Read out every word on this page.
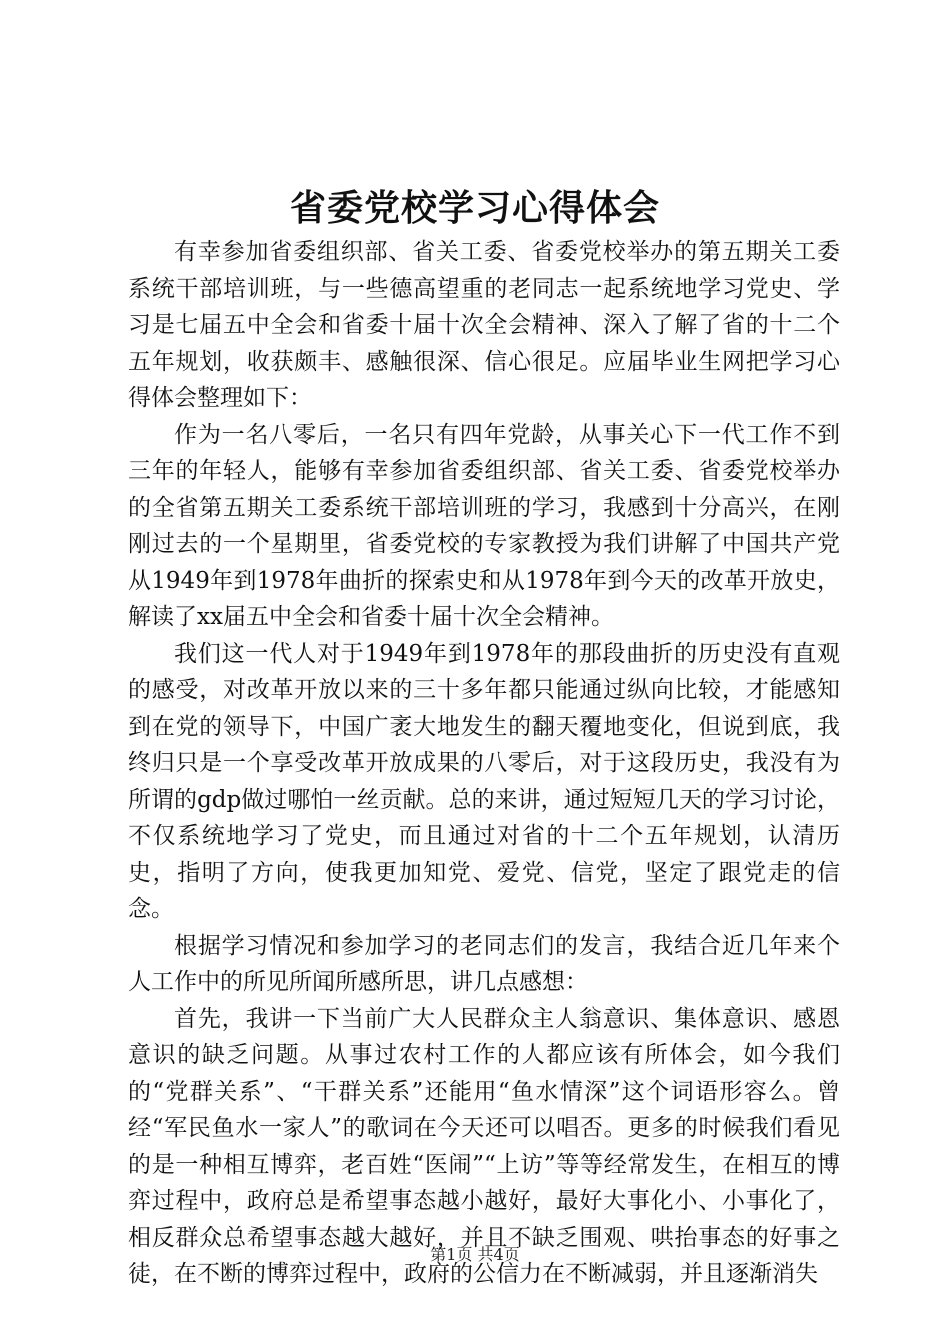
省委党校学习心得体会

有幸参加省委组织部、省关工委、省委党校举办的第五期关工委系统干部培训班，与一些德高望重的老同志一起系统地学习党史、学习是七届五中全会和省委十届十次全会精神、深入了解了省的十二个五年规划，收获颇丰、感触很深、信心很足。应届毕业生网把学习心得体会整理如下：

作为一名八零后，一名只有四年党龄，从事关心下一代工作不到三年的年轻人，能够有幸参加省委组织部、省关工委、省委党校举办的全省第五期关工委系统干部培训班的学习，我感到十分高兴，在刚刚过去的一个星期里，省委党校的专家教授为我们讲解了中国共产党从1949年到1978年曲折的探索史和从1978年到今天的改革开放史，解读了xx届五中全会和省委十届十次全会精神。

我们这一代人对于1949年到1978年的那段曲折的历史没有直观的感受，对改革开放以来的三十多年都只能通过纵向比较，才能感知到在党的领导下，中国广袤大地发生的翻天覆地变化，但说到底，我终归只是一个享受改革开放成果的八零后，对于这段历史，我没有为所谓的gdp做过哪怕一丝贡献。总的来讲，通过短短几天的学习讨论，不仅系统地学习了党史，而且通过对省的十二个五年规划，认清历史，指明了方向，使我更加知党、爱党、信党，坚定了跟党走的信念。

根据学习情况和参加学习的老同志们的发言，我结合近几年来个人工作中的所见所闻所感所思，讲几点感想：

首先，我讲一下当前广大人民群众主人翁意识、集体意识、感恩意识的缺乏问题。从事过农村工作的人都应该有所体会，如今我们的“党群关系”、“干群关系”还能用“鱼水情深”这个词语形容么。曾经“军民鱼水一家人”的歌词在今天还可以唱否。更多的时候我们看见的是一种相互博弈，老百姓“医闹”“上访”等等经常发生，在相互的博弈过程中，政府总是希望事态越小越好，最好大事化小、小事化了，相反群众总希望事态越大越好，并且不缺乏围观、哄抬事态的好事之徒，在不断的博弈过程中，政府的公信力在不断减弱，并且逐渐消失

第1页 共4页
